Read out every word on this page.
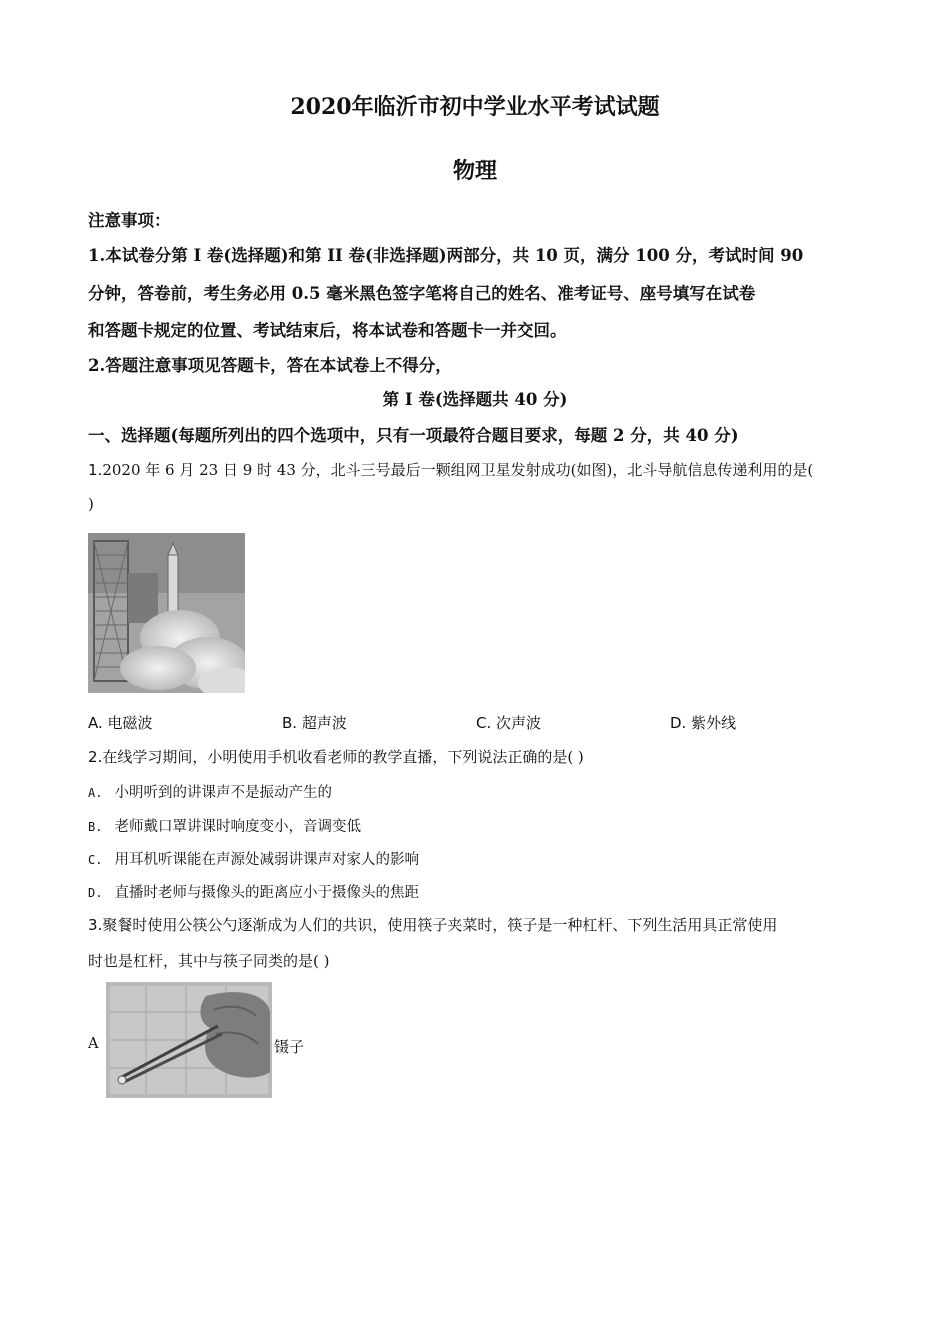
2020年临沂市初中学业水平考试试题
物理
注意事项：
1.本试卷分第 I 卷(选择题)和第 II 卷(非选择题)两部分，共 10 页，满分 100 分，考试时间 90
分钟，答卷前，考生务必用 0.5 毫米黑色签字笔将自己的姓名、准考证号、座号填写在试卷
和答题卡规定的位置、考试结束后，将本试卷和答题卡一并交回。
2.答题注意事项见答题卡，答在本试卷上不得分，
第 I 卷(选择题共 40 分)
一、选择题(每题所列出的四个选项中，只有一项最符合题目要求，每题 2 分，共 40 分)
1.2020 年 6 月 23 日 9 时 43 分，北斗三号最后一颗组网卫星发射成功(如图)，北斗导航信息传递利用的是(
)
A. 电磁波	B. 超声波	C. 次声波	D. 紫外线
2.在线学习期间，小明使用手机收看老师的教学直播，下列说法正确的是( )
A. 小明听到的讲课声不是振动产生的
B. 老师戴口罩讲课时响度变小，音调变低
C. 用耳机听课能在声源处减弱讲课声对家人的影响
D. 直播时老师与摄像头的距离应小于摄像头的焦距
3.聚餐时使用公筷公勺逐渐成为人们的共识，使用筷子夹菜时，筷子是一种杠杆、下列生活用具正常使用
时也是杠杆，其中与筷子同类的是( )
A	镊子
